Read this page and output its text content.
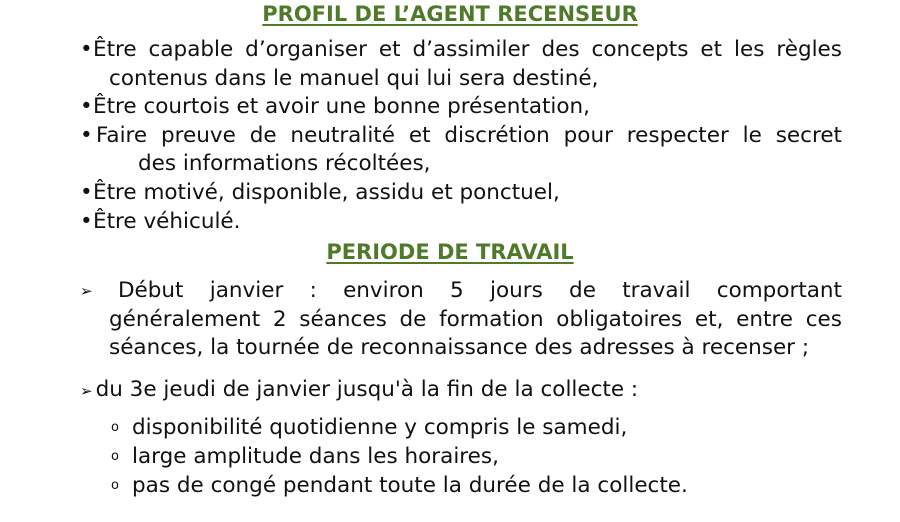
PROFIL DE L’AGENT RECENSEUR
• Être capable d’organiser et d’assimiler des concepts et les règles
contenus dans le manuel qui lui sera destiné,
• Être courtois et avoir une bonne présentation,
• Faire preuve de neutralité et discrétion pour respecter le secret
des informations récoltées,
• Être motivé, disponible, assidu et ponctuel,
• Être véhiculé.
PERIODE DE TRAVAIL
➢	Début janvier : environ 5 jours de travail comportant
généralement 2 séances de formation obligatoires et, entre ces
séances, la tournée de reconnaissance des adresses à recenser ;
➢ du 3e jeudi de janvier jusqu'à la fin de la collecte :
o disponibilité quotidienne y compris le samedi,
o large amplitude dans les horaires,
o pas de congé pendant toute la durée de la collecte.
